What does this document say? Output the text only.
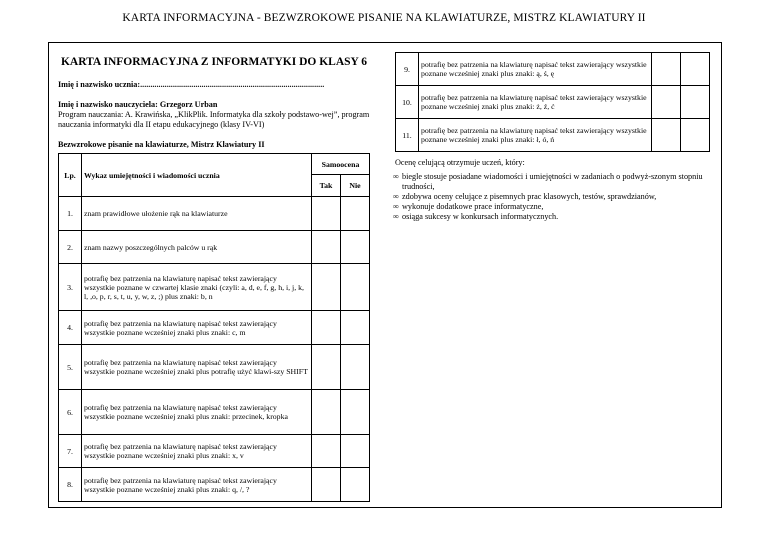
KARTA INFORMACYJNA - BEZWZROKOWE PISANIE NA KLAWIATURZE, MISTRZ KLAWIATURY II
KARTA INFORMACYJNA Z INFORMATYKI DO KLASY 6
Imię i nazwisko ucznia:..........................................................................................
Imię i nazwisko nauczyciela: Grzegorz Urban
Program nauczania: A. Krawińska, „KlikPlik. Informatyka dla szkoły podstawo-wej”, program nauczania informatyki dla II etapu edukacyjnego (klasy IV-VI)
Bezwzrokowe pisanie na klawiaturze, Mistrz Klawiatury II
Lp.	Wykaz umiejętności i wiadomości ucznia	Samoocena	
		Tak	Nie
1.	znam prawidłowe ułożenie rąk na klawiaturze		
2.	znam nazwy poszczególnych palców u rąk		
3.	potrafię bez patrzenia na klawiaturę napisać tekst zawierający wszystkie poznane w czwartej klasie znaki (czyli: a, d, e, f, g, h, i, j, k, l, ,o, p, r, s, t, u, y, w, z, ;) plus znaki: b, n		
4.	potrafię bez patrzenia na klawiaturę napisać tekst zawierający wszystkie poznane wcześniej znaki plus znaki: c, m		
5.	potrafię bez patrzenia na klawiaturę napisać tekst zawierający wszystkie poznane wcześniej znaki plus potrafię użyć klawi-szy SHIFT		
6.	potrafię bez patrzenia na klawiaturę napisać tekst zawierający wszystkie poznane wcześniej znaki plus znaki: przecinek, kropka		
7.	potrafię bez patrzenia na klawiaturę napisać tekst zawierający wszystkie poznane wcześniej znaki plus znaki: x, v		
8.	potrafię bez patrzenia na klawiaturę napisać tekst zawierający wszystkie poznane wcześniej znaki plus znaki: q, /, ?		
9.	potrafię bez patrzenia na klawiaturę napisać tekst zawierający wszystkie poznane wcześniej znaki plus znaki: ą, ś, ę		
10.	potrafię bez patrzenia na klawiaturę napisać tekst zawierający wszystkie poznane wcześniej znaki plus znaki: ż, ź, ć		
11.	potrafię bez patrzenia na klawiaturę napisać tekst zawierający wszystkie poznane wcześniej znaki plus znaki: ł, ó, ń		
Ocenę celującą otrzymuje uczeń, który:
∞ biegle stosuje posiadane wiadomości i umiejętności w zadaniach o podwyż-szonym stopniu trudności,
∞ zdobywa oceny celujące z pisemnych prac klasowych, testów, sprawdzianów,
∞ wykonuje dodatkowe prace informatyczne,
∞ osiąga sukcesy w konkursach informatycznych.
